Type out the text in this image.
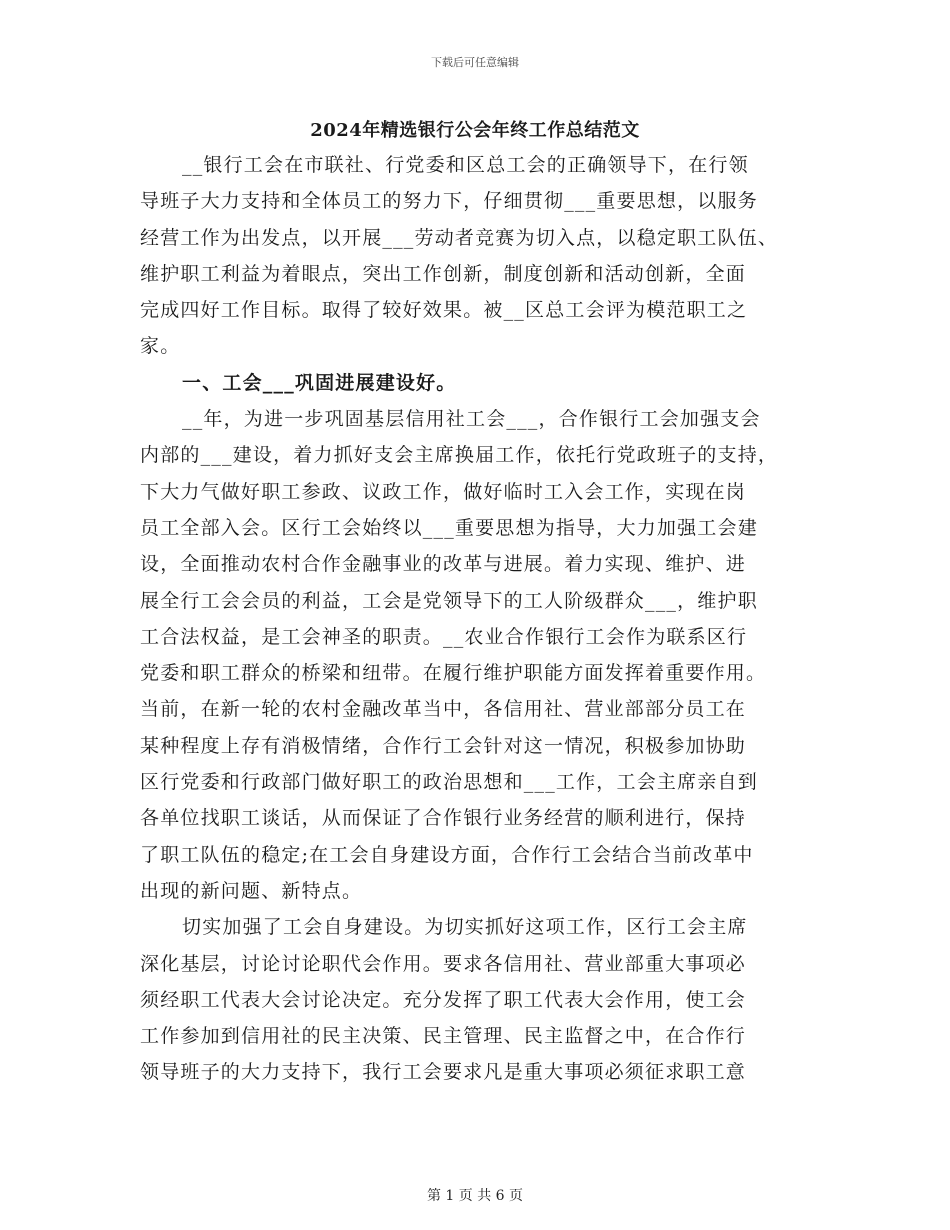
下载后可任意编辑
2024年精选银行公会年终工作总结范文

__银行工会在市联社、行党委和区总工会的正确领导下，在行领
导班子大力支持和全体员工的努力下，仔细贯彻___重要思想，以服务
经营工作为出发点，以开展___劳动者竞赛为切入点，以稳定职工队伍、
维护职工利益为着眼点，突出工作创新，制度创新和活动创新，全面
完成四好工作目标。取得了较好效果。被__区总工会评为模范职工之
家。

一、工会___巩固进展建设好。

__年，为进一步巩固基层信用社工会___，合作银行工会加强支会
内部的___建设，着力抓好支会主席换届工作，依托行党政班子的支持，
下大力气做好职工参政、议政工作，做好临时工入会工作，实现在岗
员工全部入会。区行工会始终以___重要思想为指导，大力加强工会建
设，全面推动农村合作金融事业的改革与进展。着力实现、维护、进
展全行工会会员的利益，工会是党领导下的工人阶级群众___，维护职
工合法权益，是工会神圣的职责。__农业合作银行工会作为联系区行
党委和职工群众的桥梁和纽带。在履行维护职能方面发挥着重要作用。
当前，在新一轮的农村金融改革当中，各信用社、营业部部分员工在
某种程度上存有消极情绪，合作行工会针对这一情况，积极参加协助
区行党委和行政部门做好职工的政治思想和___工作，工会主席亲自到
各单位找职工谈话，从而保证了合作银行业务经营的顺利进行，保持
了职工队伍的稳定;在工会自身建设方面，合作行工会结合当前改革中
出现的新问题、新特点。

切实加强了工会自身建设。为切实抓好这项工作，区行工会主席
深化基层，讨论讨论职代会作用。要求各信用社、营业部重大事项必
须经职工代表大会讨论决定。充分发挥了职工代表大会作用，使工会
工作参加到信用社的民主决策、民主管理、民主监督之中，在合作行
领导班子的大力支持下，我行工会要求凡是重大事项必须征求职工意

第 1 页 共 6 页
